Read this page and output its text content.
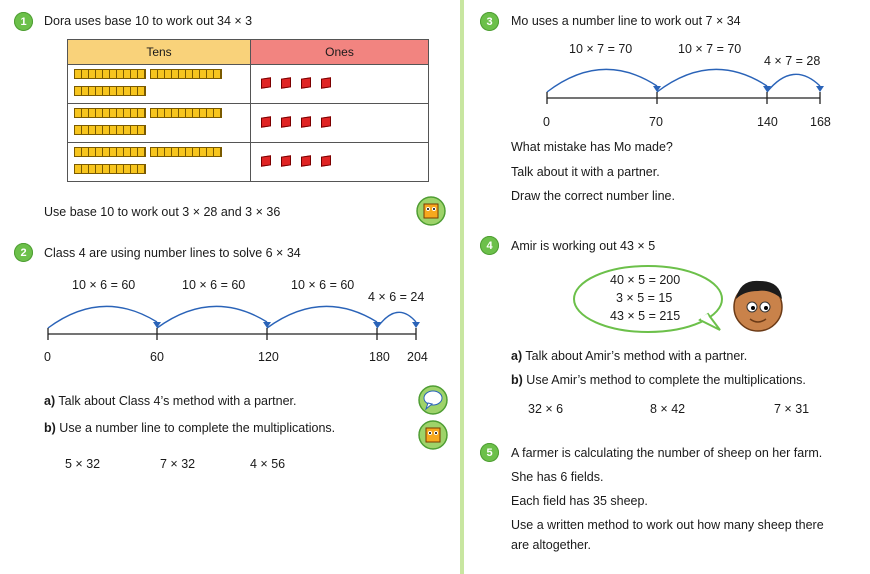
1	Dora uses base 10 to work out 34 × 3
Tens	Ones

Use base 10 to work out 3 × 28 and 3 × 36
2	Class 4 are using number lines to solve 6 × 34
10 × 6 = 60	10 × 6 = 60	10 × 6 = 60
4 × 6 = 24
0	60	120	180 204
a) Talk about Class 4’s method with a partner.
b) Use a number line to complete the multiplications.
5 × 32	7 × 32	4 × 56
3	Mo uses a number line to work out 7 × 34
10 × 7 = 70	10 × 7 = 70
4 × 7 = 28
0	70	140	168
What mistake has Mo made?
Talk about it with a partner.
Draw the correct number line.
4	Amir is working out 43 × 5
40 × 5 = 200
3 × 5 = 15
43 × 5 = 215
a) Talk about Amir’s method with a partner.
b) Use Amir’s method to complete the multiplications.
32 × 6	8 × 42	7 × 31
5	A farmer is calculating the number of sheep on her farm.
She has 6 fields.
Each field has 35 sheep.
Use a written method to work out how many sheep there
are altogether.
